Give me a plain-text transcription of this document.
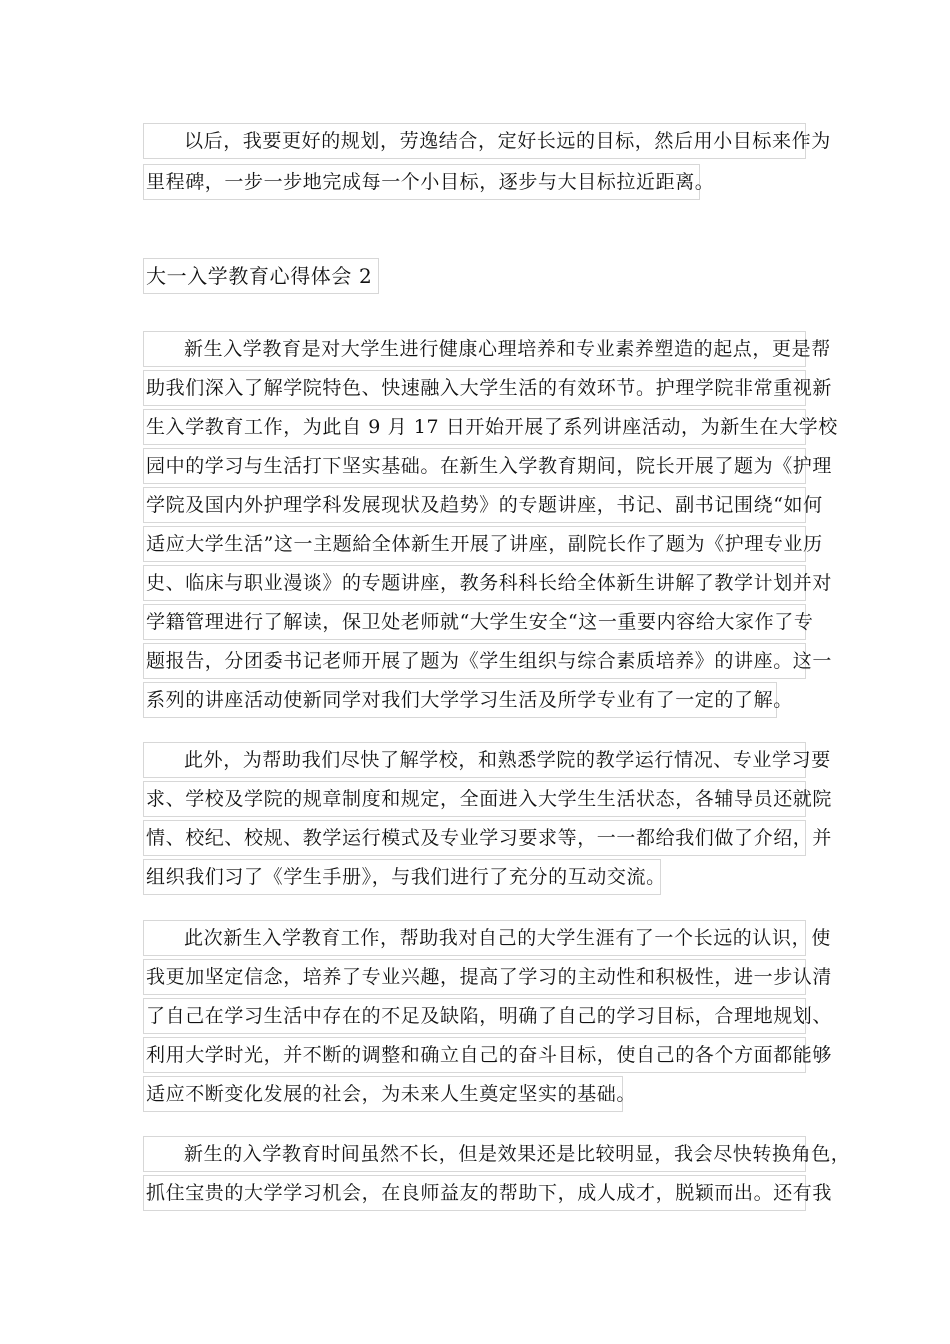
以后，我要更好的规划，劳逸结合，定好长远的目标，然后用小目标来作为
里程碑，一步一步地完成每一个小目标，逐步与大目标拉近距离。
大一入学教育心得体会 2
新生入学教育是对大学生进行健康心理培养和专业素养塑造的起点，更是帮
助我们深入了解学院特色、快速融入大学生活的有效环节。护理学院非常重视新
生入学教育工作，为此自 9 月 17 日开始开展了系列讲座活动，为新生在大学校
园中的学习与生活打下坚实基础。在新生入学教育期间，院长开展了题为《护理
学院及国内外护理学科发展现状及趋势》的专题讲座，书记、副书记围绕“如何
适应大学生活”这一主题給全体新生开展了讲座，副院长作了题为《护理专业历
史、临床与职业漫谈》的专题讲座，教务科科长给全体新生讲解了教学计划并对
学籍管理进行了解读，保卫处老师就“大学生安全“这一重要内容给大家作了专
题报告，分团委书记老师开展了题为《学生组织与综合素质培养》的讲座。这一
系列的讲座活动使新同学对我们大学学习生活及所学专业有了一定的了解。
此外，为帮助我们尽快了解学校，和熟悉学院的教学运行情况、专业学习要
求、学校及学院的规章制度和规定，全面进入大学生生活状态，各辅导员还就院
情、校纪、校规、教学运行模式及专业学习要求等，一一都给我们做了介绍，并
组织我们习了《学生手册》，与我们进行了充分的互动交流。
此次新生入学教育工作，帮助我对自己的大学生涯有了一个长远的认识，使
我更加坚定信念，培养了专业兴趣，提高了学习的主动性和积极性，进一步认清
了自己在学习生活中存在的不足及缺陷，明确了自己的学习目标，合理地规划、
利用大学时光，并不断的调整和确立自己的奋斗目标，使自己的各个方面都能够
适应不断变化发展的社会，为未来人生奠定坚实的基础。
新生的入学教育时间虽然不长，但是效果还是比较明显，我会尽快转换角色，
抓住宝贵的大学学习机会，在良师益友的帮助下，成人成才，脱颖而出。还有我
